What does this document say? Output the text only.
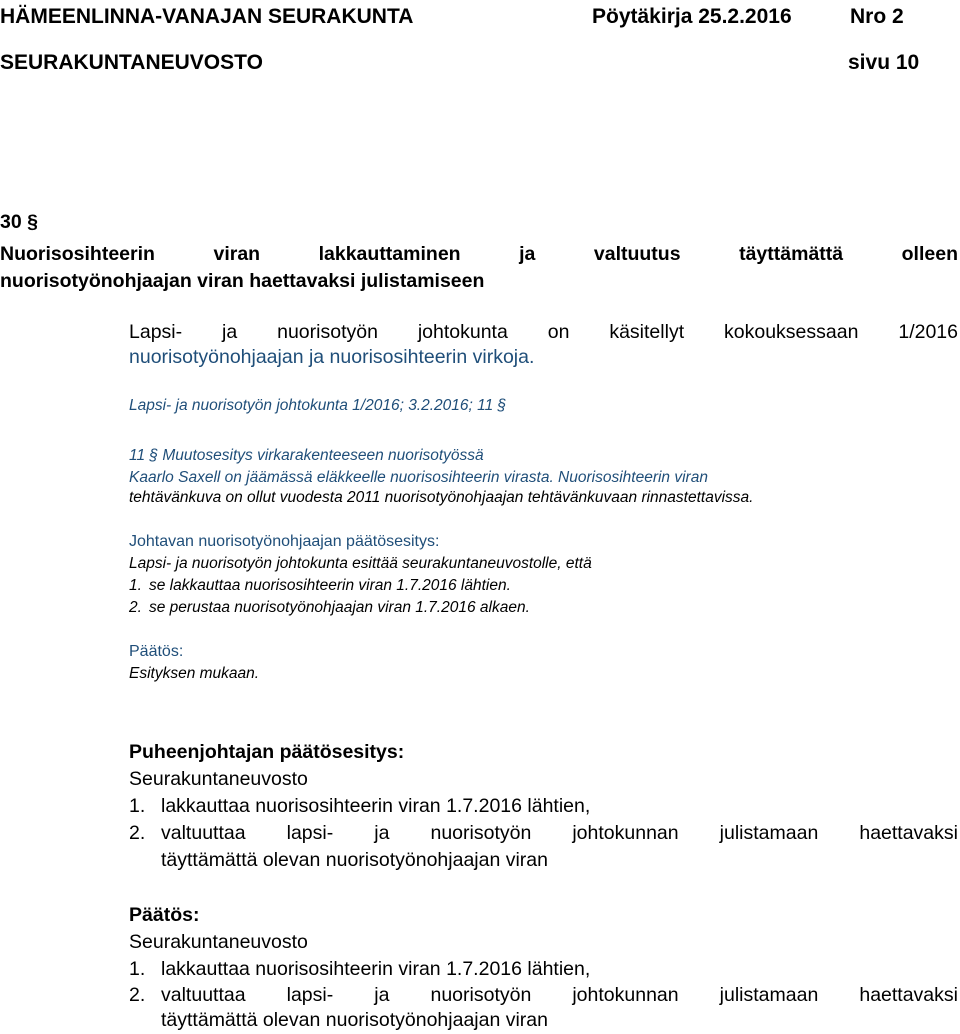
HÄMEENLINNA-VANAJAN SEURAKUNTA	Pöytäkirja 25.2.2016	Nro 2
SEURAKUNTANEUVOSTO	sivu 10
30 §
Nuorisosihteerin viran lakkauttaminen ja valtuutus täyttämättä olleen
nuorisotyönohjaajan viran haettavaksi julistamiseen
Lapsi- ja nuorisotyön johtokunta on käsitellyt kokouksessaan 1/2016
nuorisotyönohjaajan ja nuorisosihteerin virkoja.
Lapsi- ja nuorisotyön johtokunta 1/2016; 3.2.2016; 11 §
11 § Muutosesitys virkarakenteeseen nuorisotyössä
Kaarlo Saxell on jäämässä eläkkeelle nuorisosihteerin virasta. Nuorisosihteerin viran
tehtävänkuva on ollut vuodesta 2011 nuorisotyönohjaajan tehtävänkuvaan rinnastettavissa.
Johtavan nuorisotyönohjaajan päätösesitys:
Lapsi- ja nuorisotyön johtokunta esittää seurakuntaneuvostolle, että
1. se lakkauttaa nuorisosihteerin viran 1.7.2016 lähtien.
2. se perustaa nuorisotyönohjaajan viran 1.7.2016 alkaen.
Päätös:
Esityksen mukaan.
Puheenjohtajan päätösesitys:
Seurakuntaneuvosto
1. lakkauttaa nuorisosihteerin viran 1.7.2016 lähtien,
2. valtuuttaa lapsi- ja nuorisotyön johtokunnan julistamaan haettavaksi
täyttämättä olevan nuorisotyönohjaajan viran
Päätös:
Seurakuntaneuvosto
1. lakkauttaa nuorisosihteerin viran 1.7.2016 lähtien,
2. valtuuttaa lapsi- ja nuorisotyön johtokunnan julistamaan haettavaksi
täyttämättä olevan nuorisotyönohjaajan viran
